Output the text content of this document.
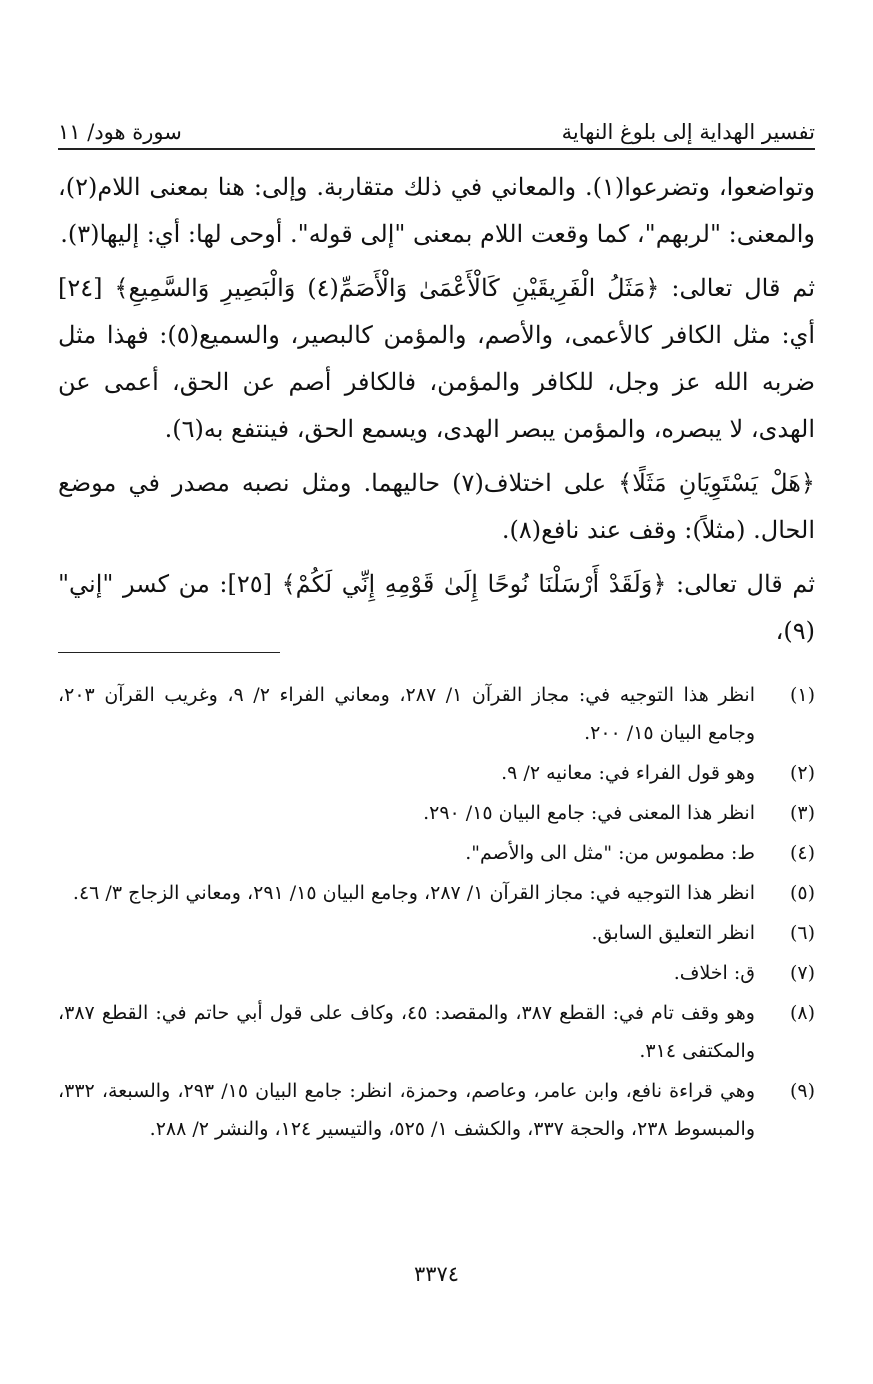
تفسير الهداية إلى بلوغ النهاية
سورة هود/ ١١

وتواضعوا، وتضرعوا(١). والمعاني في ذلك متقاربة. وإلى: هنا بمعنى اللام(٢)، والمعنى: "لربهم"، كما وقعت اللام بمعنى "إلى قوله". أوحى لها: أي: إليها(٣).

ثم قال تعالى: ﴿مَثَلُ الْفَرِيقَيْنِ كَالْأَعْمَىٰ وَالْأَصَمِّ(٤) وَالْبَصِيرِ وَالسَّمِيعِ﴾ [٢٤] أي: مثل الكافر كالأعمى، والأصم، والمؤمن كالبصير، والسميع(٥): فهذا مثل ضربه الله عز وجل، للكافر والمؤمن، فالكافر أصم عن الحق، أعمى عن الهدى، لا يبصره، والمؤمن يبصر الهدى، ويسمع الحق، فينتفع به(٦).

﴿هَلْ يَسْتَوِيَانِ مَثَلًا﴾ على اختلاف(٧) حاليهما. ومثل نصبه مصدر في موضع الحال. (مثلاً): وقف عند نافع(٨).

ثم قال تعالى: ﴿وَلَقَدْ أَرْسَلْنَا نُوحًا إِلَىٰ قَوْمِهِ إِنِّي لَكُمْ﴾ [٢٥]: من كسر "إني"(٩)،

(١)
انظر هذا التوجيه في: مجاز القرآن ١/ ٢٨٧، ومعاني الفراء ٢/ ٩، وغريب القرآن ٢٠٣، وجامع البيان ١٥/ ٢٠٠.
(٢)
وهو قول الفراء في: معانيه ٢/ ٩.
(٣)
انظر هذا المعنى في: جامع البيان ١٥/ ٢٩٠.
(٤)
ط: مطموس من: "مثل الى والأصم".
(٥)
انظر هذا التوجيه في: مجاز القرآن ١/ ٢٨٧، وجامع البيان ١٥/ ٢٩١، ومعاني الزجاج ٣/ ٤٦.
(٦)
انظر التعليق السابق.
(٧)
ق: اخلاف.
(٨)
وهو وقف تام في: القطع ٣٨٧، والمقصد: ٤٥، وكاف على قول أبي حاتم في: القطع ٣٨٧، والمكتفى ٣١٤.
(٩)
وهي قراءة نافع، وابن عامر، وعاصم، وحمزة، انظر: جامع البيان ١٥/ ٢٩٣، والسبعة، ٣٣٢، والمبسوط ٢٣٨، والحجة ٣٣٧، والكشف ١/ ٥٢٥، والتيسير ١٢٤، والنشر ٢/ ٢٨٨.
٣٣٧٤
